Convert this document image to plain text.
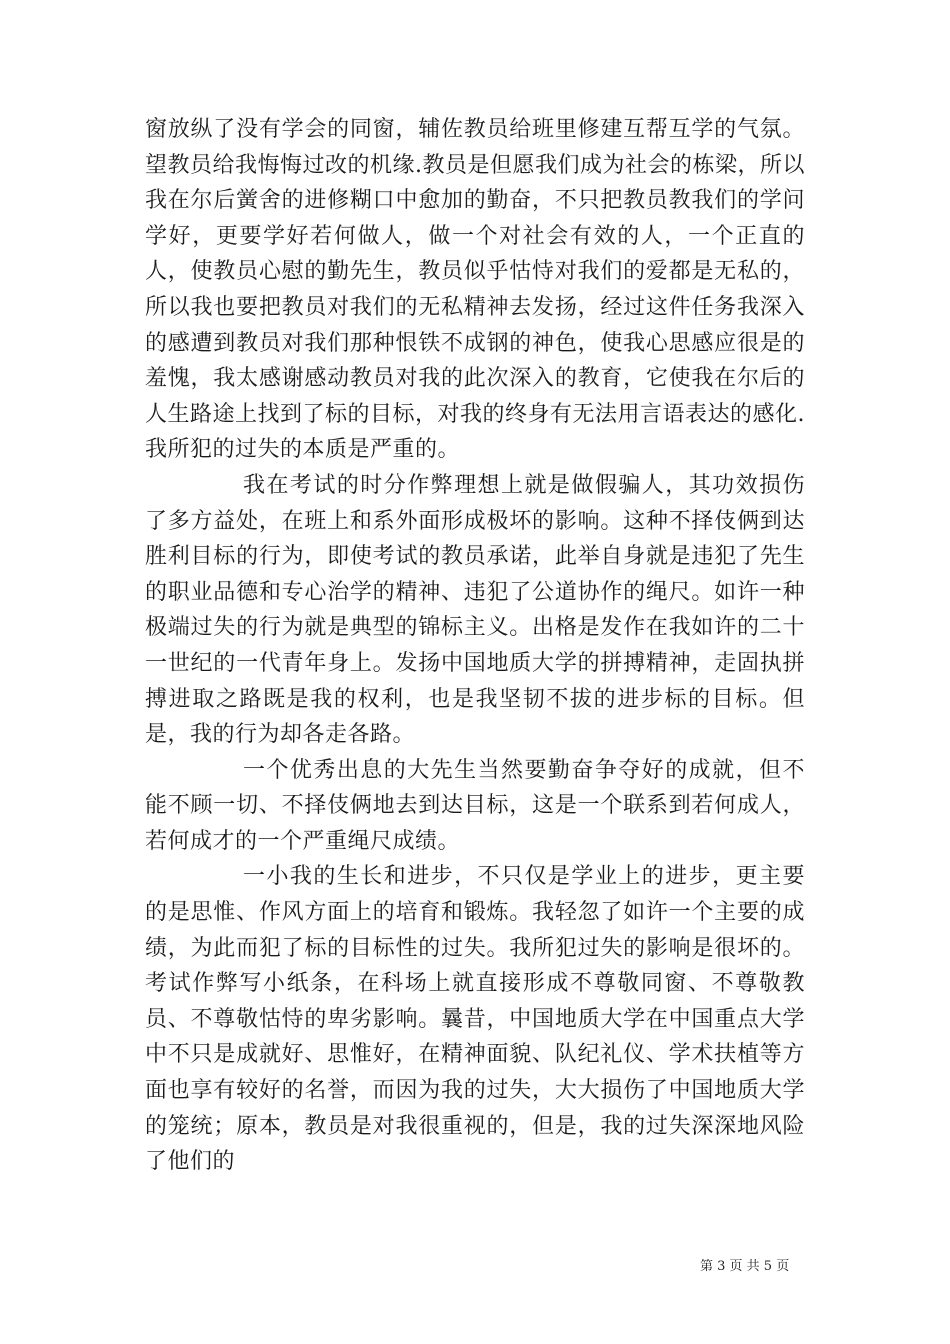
窗放纵了没有学会的同窗，辅佐教员给班里修建互帮互学的气氛。望教员给我悔悔过改的机缘.教员是但愿我们成为社会的栋梁，所以我在尔后黉舍的进修糊口中愈加的勤奋，不只把教员教我们的学问学好，更要学好若何做人，做一个对社会有效的人，一个正直的人，使教员心慰的勤先生，教员似乎怙恃对我们的爱都是无私的，所以我也要把教员对我们的无私精神去发扬，经过这件任务我深入的感遭到教员对我们那种恨铁不成钢的神色，使我心思感应很是的羞愧，我太感谢感动教员对我的此次深入的教育，它使我在尔后的人生路途上找到了标的目标，对我的终身有无法用言语表达的感化.我所犯的过失的本质是严重的。

我在考试的时分作弊理想上就是做假骗人，其功效损伤了多方益处，在班上和系外面形成极坏的影响。这种不择伎俩到达胜利目标的行为，即使考试的教员承诺，此举自身就是违犯了先生的职业品德和专心治学的精神、违犯了公道协作的绳尺。如许一种极端过失的行为就是典型的锦标主义。出格是发作在我如许的二十一世纪的一代青年身上。发扬中国地质大学的拼搏精神，走固执拼搏进取之路既是我的权利，也是我坚韧不拔的进步标的目标。但是，我的行为却各走各路。

一个优秀出息的大先生当然要勤奋争夺好的成就，但不能不顾一切、不择伎俩地去到达目标，这是一个联系到若何成人，若何成才的一个严重绳尺成绩。

一小我的生长和进步，不只仅是学业上的进步，更主要的是思惟、作风方面上的培育和锻炼。我轻忽了如许一个主要的成绩，为此而犯了标的目标性的过失。我所犯过失的影响是很坏的。考试作弊写小纸条，在科场上就直接形成不尊敬同窗、不尊敬教员、不尊敬怙恃的卑劣影响。曩昔，中国地质大学在中国重点大学中不只是成就好、思惟好，在精神面貌、队纪礼仪、学术扶植等方面也享有较好的名誉，而因为我的过失，大大损伤了中国地质大学的笼统；原本，教员是对我很重视的，但是，我的过失深深地风险了他们的

第 3 页 共 5 页
